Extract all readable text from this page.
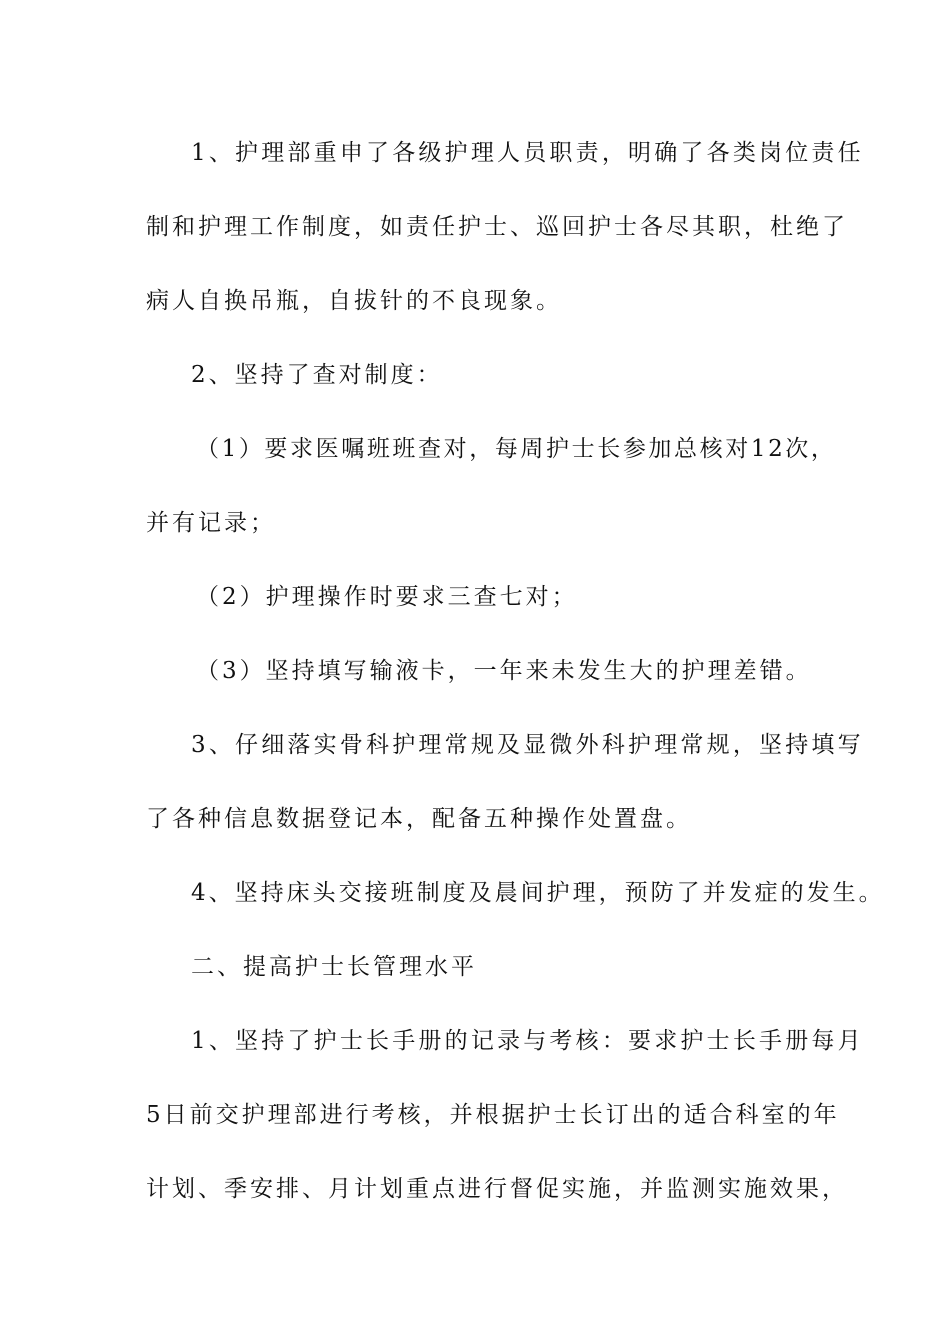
1、护理部重申了各级护理人员职责，明确了各类岗位责任

制和护理工作制度，如责任护士、巡回护士各尽其职，杜绝了

病人自换吊瓶，自拔针的不良现象。

2、坚持了查对制度：

（1）要求医嘱班班查对，每周护士长参加总核对12次，

并有记录；

（2）护理操作时要求三查七对；

（3）坚持填写输液卡，一年来未发生大的护理差错。

3、仔细落实骨科护理常规及显微外科护理常规，坚持填写

了各种信息数据登记本，配备五种操作处置盘。

4、坚持床头交接班制度及晨间护理，预防了并发症的发生。

二、提高护士长管理水平

1、坚持了护士长手册的记录与考核：要求护士长手册每月

5日前交护理部进行考核，并根据护士长订出的适合科室的年

计划、季安排、月计划重点进行督促实施，并监测实施效果，
